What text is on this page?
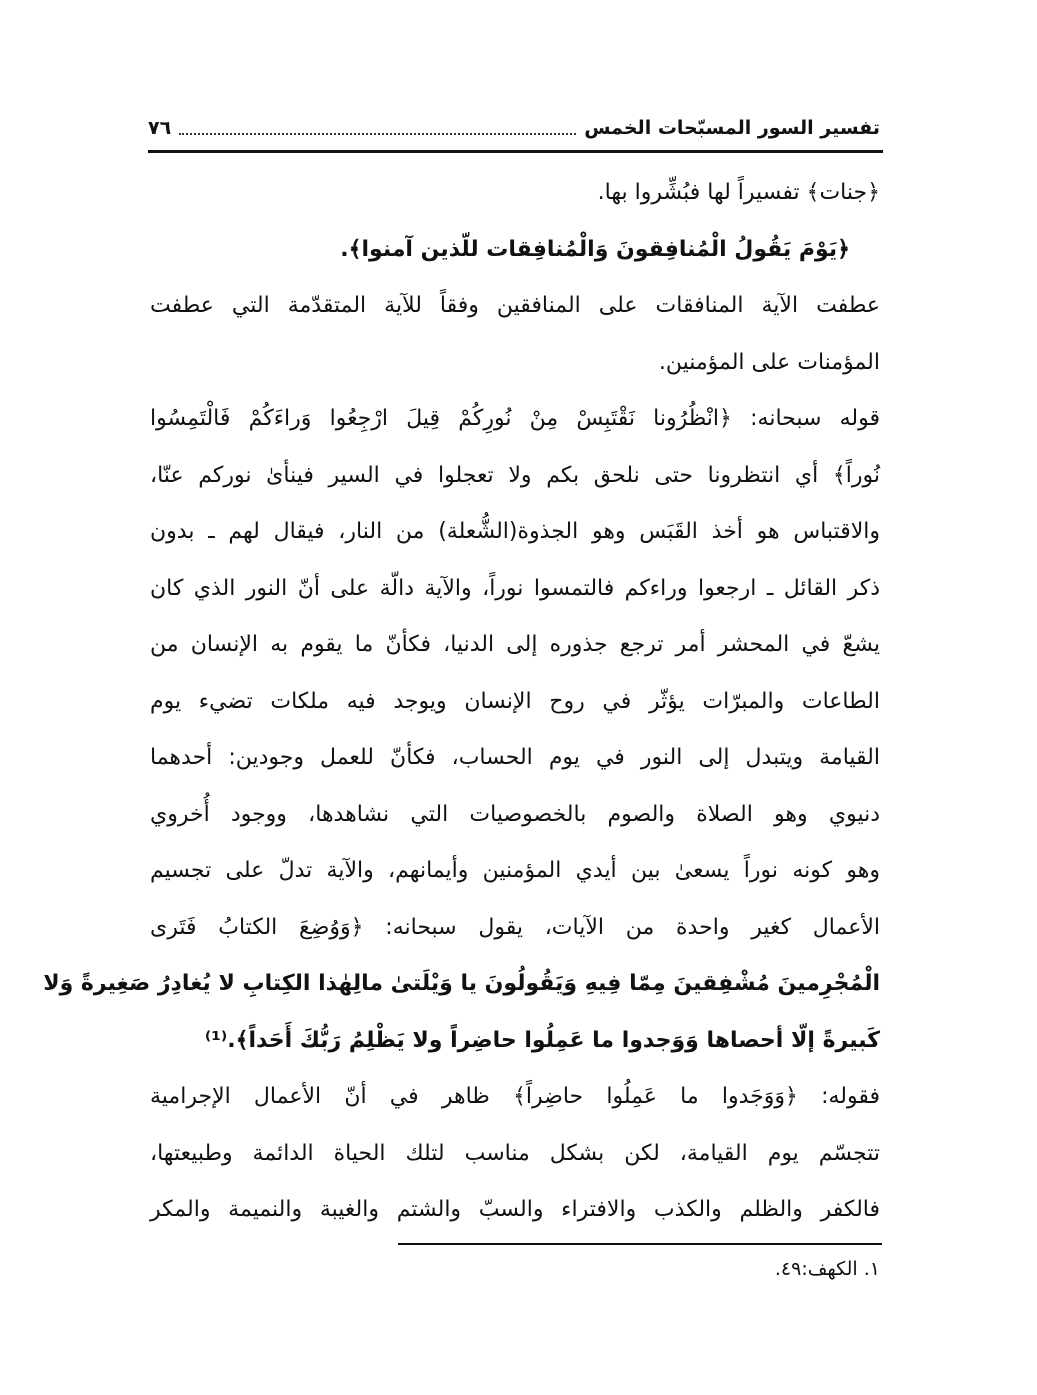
تفسير السور المسبّحات الخمس
٧٦
﴿جنات﴾ تفسيراً لها فبُشِّروا بها.
﴿يَوْمَ يَقُولُ الْمُنافِقونَ وَالْمُنافِقات للّذين آمنوا﴾.
عطفت الآية المنافقات على المنافقين وفقاً للآية المتقدّمة التي عطفت
المؤمنات على المؤمنين.
قوله سبحانه: ﴿انْظُرُونا نَقْتَبِسْ مِنْ نُورِكُمْ قِيلَ ارْجِعُوا وَراءَكُمْ فَالْتَمِسُوا
نُوراً﴾ أي انتظرونا حتى نلحق بكم ولا تعجلوا في السير فينأىٰ نوركم عنّا،
والاقتباس هو أخذ القَبَس وهو الجذوة(الشُّعلة) من النار، فيقال لهم ـ بدون
ذكر القائل ـ ارجعوا وراءكم فالتمسوا نوراً، والآية دالّة على أنّ النور الذي كان
يشعّ في المحشر أمر ترجع جذوره إلى الدنيا، فكأنّ ما يقوم به الإنسان من
الطاعات والمبرّات يؤثّر في روح الإنسان ويوجد فيه ملكات تضيء يوم
القيامة ويتبدل إلى النور في يوم الحساب، فكأنّ للعمل وجودين: أحدهما
دنيوي وهو الصلاة والصوم بالخصوصيات التي نشاهدها، ووجود أُخروي
وهو كونه نوراً يسعىٰ بين أيدي المؤمنين وأيمانهم، والآية تدلّ على تجسيم
الأعمال كغير واحدة من الآيات، يقول سبحانه: ﴿وَوُضِعَ الكتابُ فَتَرى
الْمُجْرِمينَ مُشْفِقينَ مِمّا فِيهِ وَيَقُولُونَ يا وَيْلَتىٰ مالِهٰذا الكِتابِ لا يُغادِرُ صَغِيرةً وَلا
كَبيرةً إلّا أحصاها وَوَجدوا ما عَمِلُوا حاضِراً ولا يَظْلِمُ رَبُّكَ أَحَداً﴾.⁽¹⁾
فقوله: ﴿وَوَجَدوا ما عَمِلُوا حاضِراً﴾ ظاهر في أنّ الأعمال الإجرامية
تتجسّم يوم القيامة، لكن بشكل مناسب لتلك الحياة الدائمة وطبيعتها،
فالكفر والظلم والكذب والافتراء والسبّ والشتم والغيبة والنميمة والمكر
١. الكهف:٤٩.
